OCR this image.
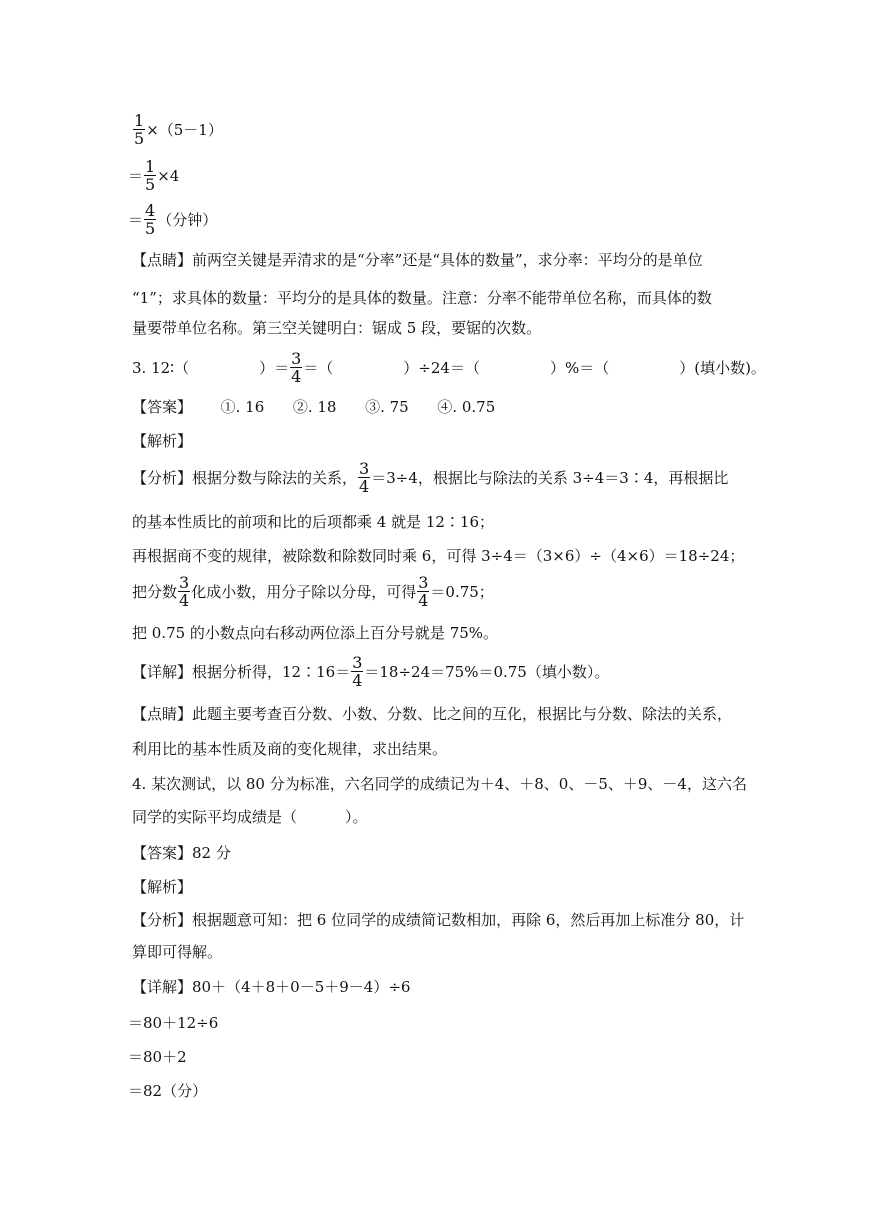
$\frac{1}{5} \times(5-1)$
＝ $\frac{1}{5} \times 4$
＝ $\frac{4}{5}$ （分钟）
【点睛】前两空关键是弄清求的是“分率”还是“具体的数量”，求分率：平均分的是单位
“1”；求具体的数量：平均分的是具体的数量。注意：分率不能带单位名称，而具体的数
量要带单位名称。第三空关键明白：锯成 5 段，要锯的次数。
3. 12∶（	）＝ $\frac{3}{4}$ ＝（	）÷24＝（	）%＝（	）(填小数)。
【答案】      ①. 16      ②. 18      ③. 75      ④. 0.75
【解析】
【分析】根据分数与除法的关系， $\frac{3}{4} =3\div 4$，根据比与除法的关系 3÷4＝3∶4，再根据比
的基本性质比的前项和比的后项都乘 4 就是 12∶16；
再根据商不变的规律，被除数和除数同时乘 6，可得 3÷4＝（3×6）÷（4×6）＝18÷24；
把分数 $\frac{3}{4}$ 化成小数，用分子除以分母，可得 $\frac{3}{4} =0.75$；
把 0.75 的小数点向右移动两位添上百分号就是 75%。
【详解】根据分析得，12∶16＝ $\frac{3}{4} =18\div 24=75\%=0.75$（填小数）。
【点睛】此题主要考查百分数、小数、分数、比之间的互化，根据比与分数、除法的关系，
利用比的基本性质及商的变化规律，求出结果。
4. 某次测试，以 80 分为标准，六名同学的成绩记为＋4、＋8、0、－5、＋9、－4，这六名
同学的实际平均成绩是（	）。
【答案】82 分
【解析】
【分析】根据题意可知：把 6 位同学的成绩简记数相加，再除 6，然后再加上标准分 80，计
算即可得解。
【详解】80＋（4＋8＋0－5＋9－4）÷6
＝80＋12÷6
＝80＋2
＝82（分）
